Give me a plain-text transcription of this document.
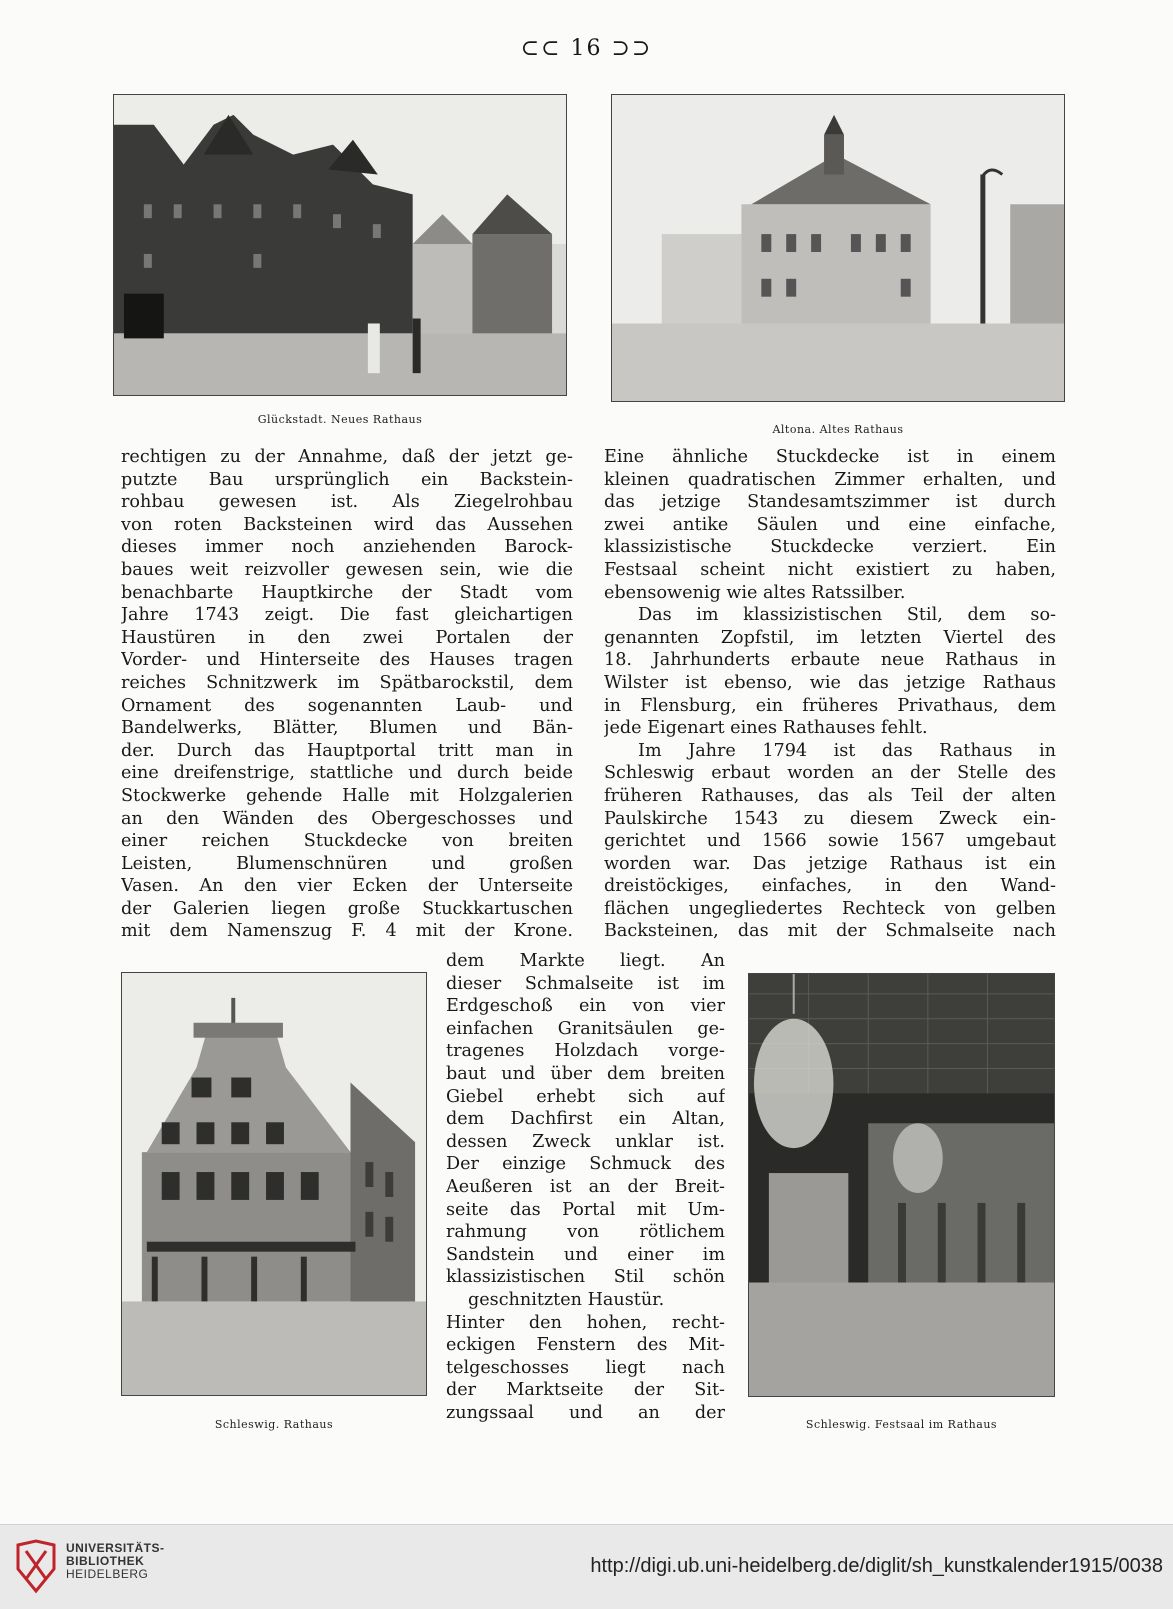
⊂⊂ 16 ⊃⊃
Glückstadt. Neues Rathaus
Altona. Altes Rathaus
rechtigen zu der Annahme, daß der jetzt ge-
putzte Bau ursprünglich ein Backstein-
rohbau gewesen ist. Als Ziegelrohbau
von roten Backsteinen wird das Aussehen
dieses immer noch anziehenden Barock-
baues weit reizvoller gewesen sein, wie die
benachbarte Hauptkirche der Stadt vom
Jahre 1743 zeigt. Die fast gleichartigen
Haustüren in den zwei Portalen der
Vorder- und Hinterseite des Hauses tragen
reiches Schnitzwerk im Spätbarockstil, dem
Ornament des sogenannten Laub- und
Bandelwerks, Blätter, Blumen und Bän-
der. Durch das Hauptportal tritt man in
eine dreifenstrige, stattliche und durch beide
Stockwerke gehende Halle mit Holzgalerien
an den Wänden des Obergeschosses und
einer reichen Stuckdecke von breiten
Leisten, Blumenschnüren und großen
Vasen. An den vier Ecken der Unterseite
der Galerien liegen große Stuckkartuschen
mit dem Namenszug F. 4 mit der Krone.
Eine ähnliche Stuckdecke ist in einem
kleinen quadratischen Zimmer erhalten, und
das jetzige Standesamtszimmer ist durch
zwei antike Säulen und eine einfache,
klassizistische Stuckdecke verziert. Ein
Festsaal scheint nicht existiert zu haben,
ebensowenig wie altes Ratssilber.
Das im klassizistischen Stil, dem so-
genannten Zopfstil, im letzten Viertel des
18. Jahrhunderts erbaute neue Rathaus in
Wilster ist ebenso, wie das jetzige Rathaus
in Flensburg, ein früheres Privathaus, dem
jede Eigenart eines Rathauses fehlt.
Im Jahre 1794 ist das Rathaus in
Schleswig erbaut worden an der Stelle des
früheren Rathauses, das als Teil der alten
Paulskirche 1543 zu diesem Zweck ein-
gerichtet und 1566 sowie 1567 umgebaut
worden war. Das jetzige Rathaus ist ein
dreistöckiges, einfaches, in den Wand-
flächen ungegliedertes Rechteck von gelben
Backsteinen, das mit der Schmalseite nach
Schleswig. Rathaus
dem Markte liegt. An
dieser Schmalseite ist im
Erdgeschoß ein von vier
einfachen Granitsäulen ge-
tragenes Holzdach vorge-
baut und über dem breiten
Giebel erhebt sich auf
dem Dachfirst ein Altan,
dessen Zweck unklar ist.
Der einzige Schmuck des
Aeußeren ist an der Breit-
seite das Portal mit Um-
rahmung von rötlichem
Sandstein und einer im
klassizistischen Stil schön
geschnitzten Haustür.
Hinter den hohen, recht-
eckigen Fenstern des Mit-
telgeschosses liegt nach
der Marktseite der Sit-
zungssaal und an der
Schleswig. Festsaal im Rathaus
UNIVERSITÄTS-
BIBLIOTHEK
HEIDELBERG	http://digi.ub.uni-heidelberg.de/diglit/sh_kunstkalender1915/0038
